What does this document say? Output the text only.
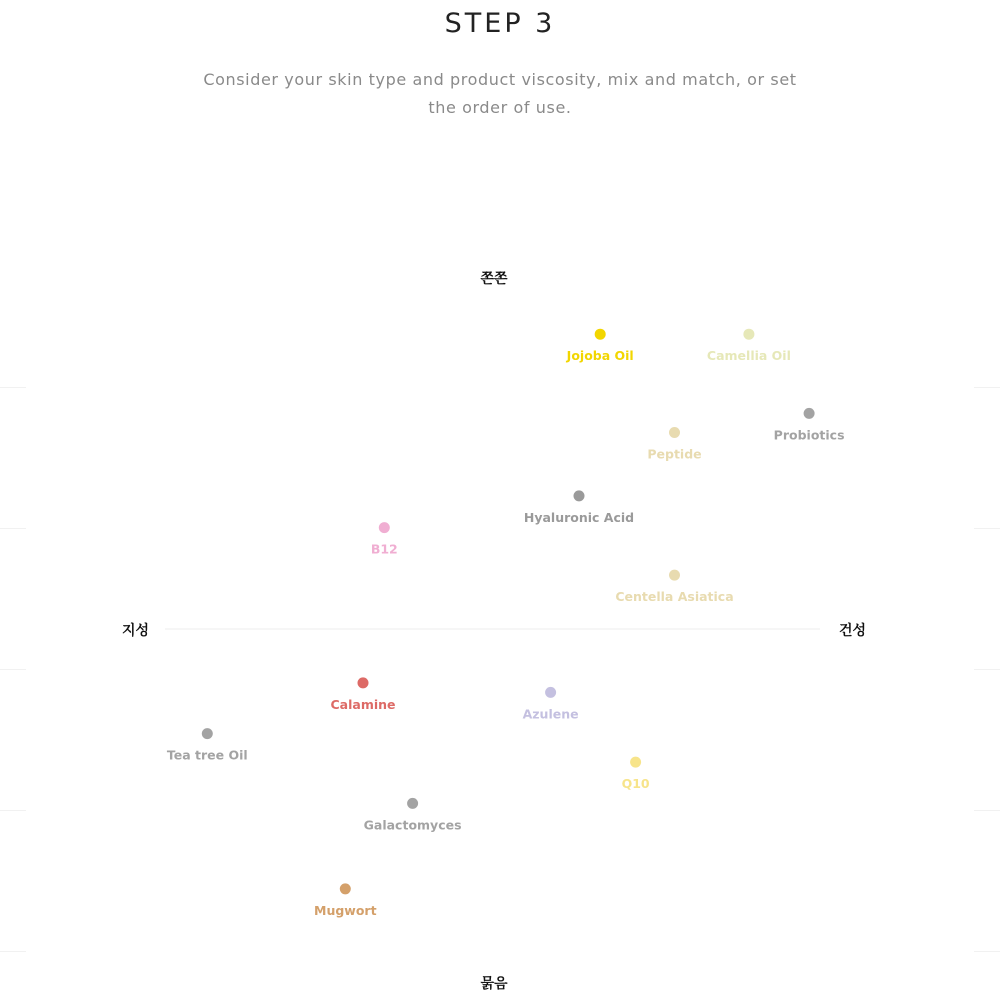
STEP 3
Consider your skin type and product viscosity, mix and match, or set the order of use.
Jojoba Oil	Camellia Oil
Probiotics
Peptide
Hyaluronic Acid
B12
Centella Asiatica
Calamine
Azulene
Tea tree Oil
Q10
Galactomyces
Mugwort
쫀쫀
묽음
지성	건성
